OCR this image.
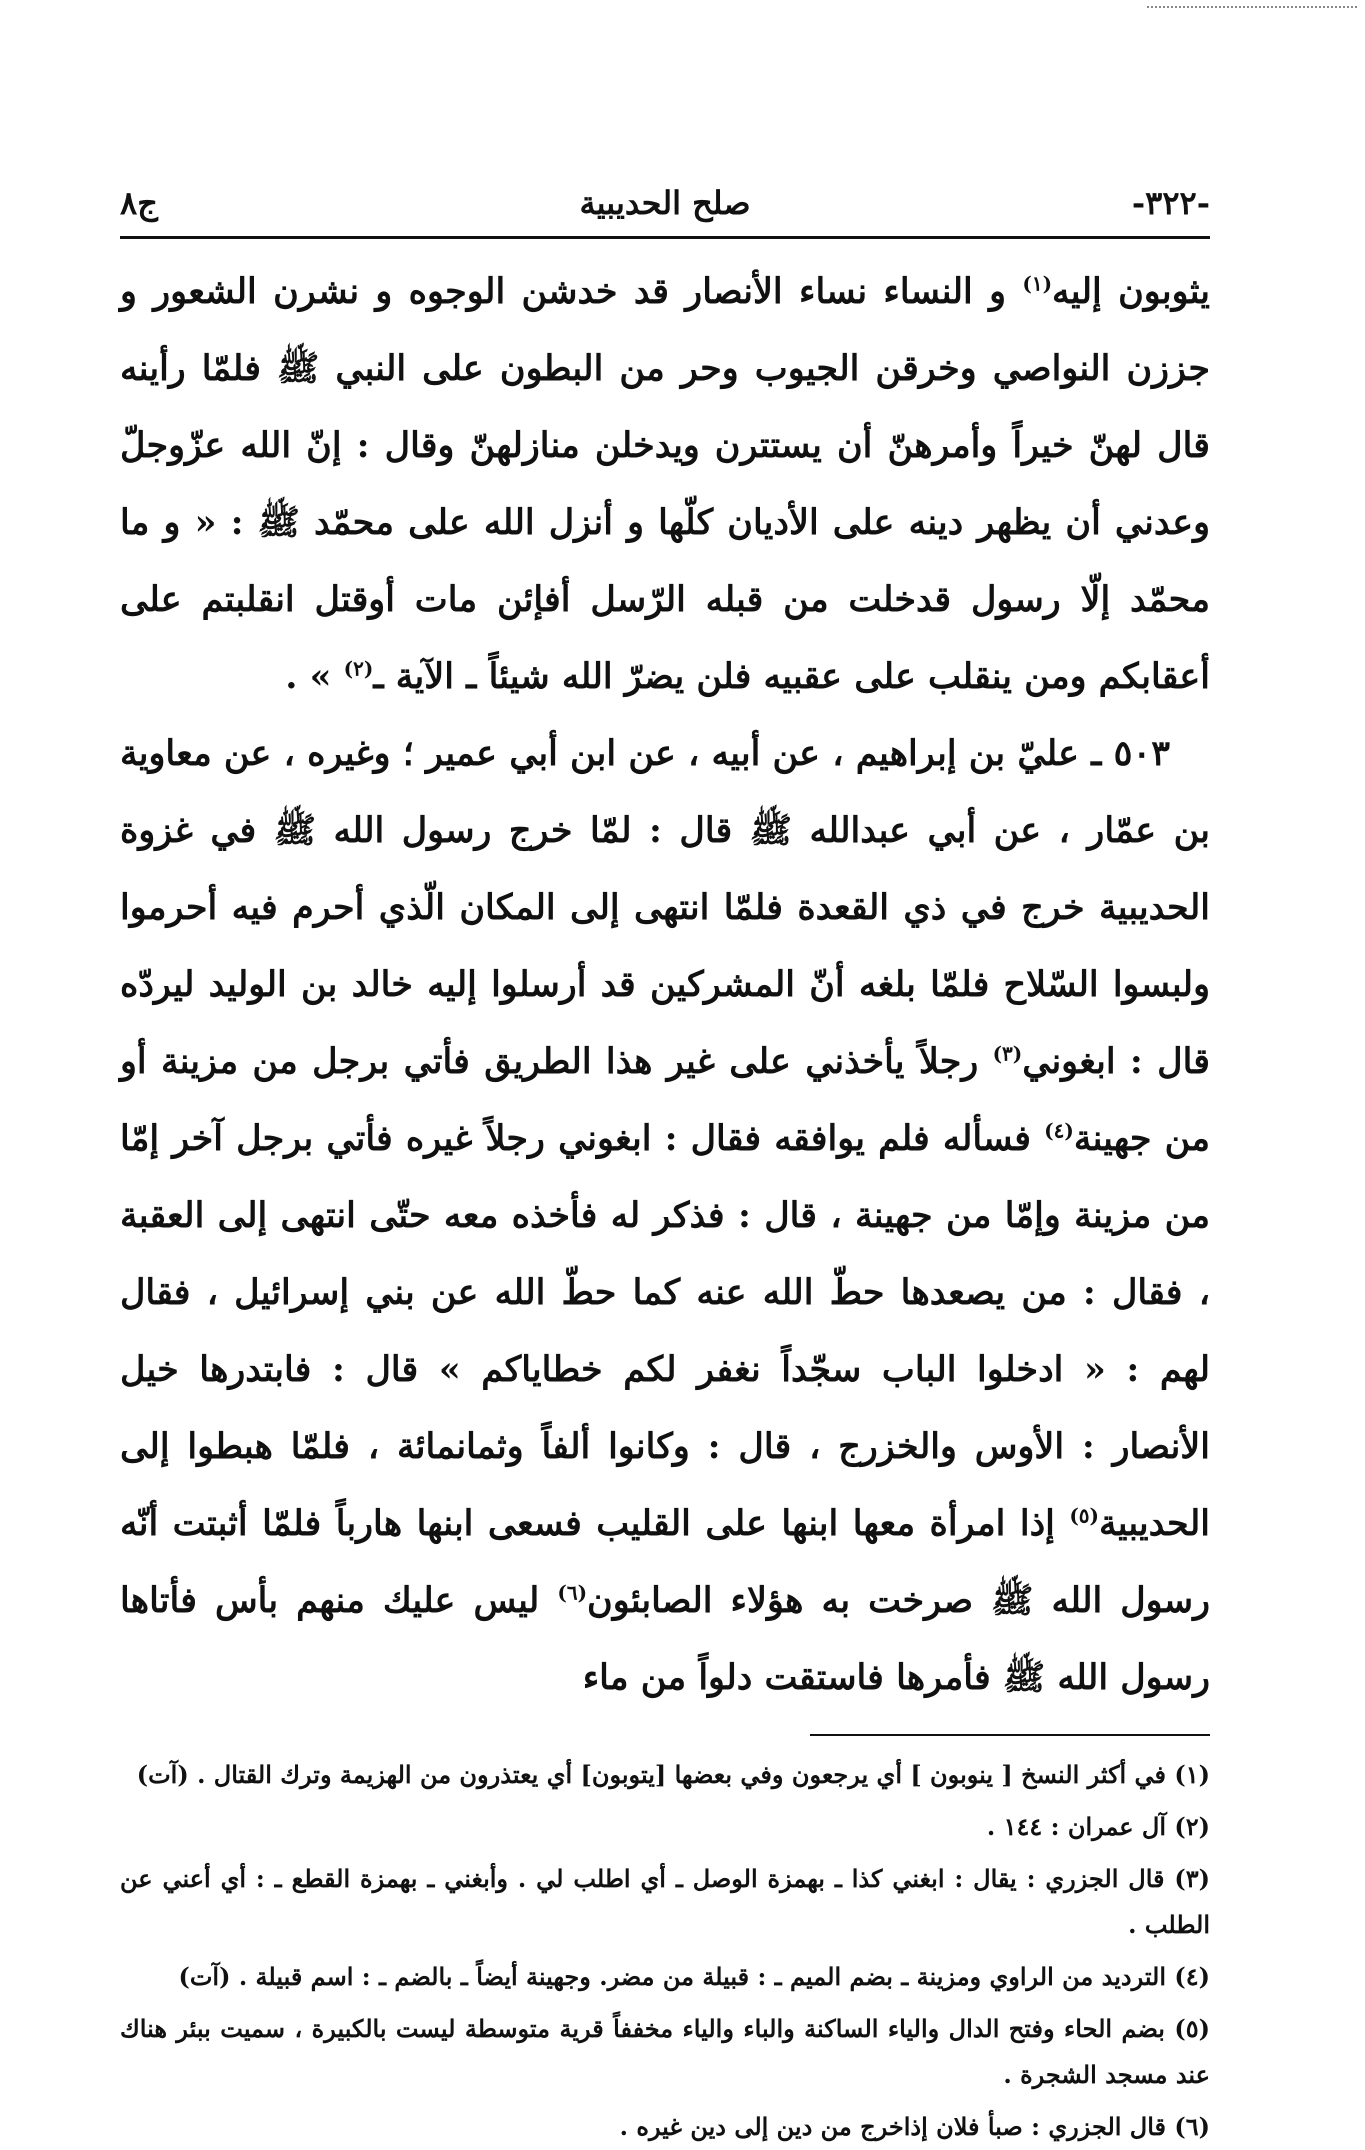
-٣٢٢-
صلح الحديبية
ج٨

يثوبون إليه$^{(١)}$ و النساء نساء الأنصار قد خدشن الوجوه و نشرن الشعور و جززن النواصي وخرقن الجيوب وحر من البطون على النبي ﷺ فلمّا رأينه قال لهنّ خيراً وأمرهنّ أن يستترن ويدخلن منازلهنّ وقال : إنّ الله عزّوجلّ وعدني أن يظهر دينه على الأديان كلّها و أنزل الله على محمّد ﷺ : « و ما محمّد إلّا رسول قدخلت من قبله الرّسل أفإئن مات أوقتل انقلبتم على أعقابكم ومن ينقلب على عقبيه فلن يضرّ الله شيئاً ـ الآية ـ$^{(٢)}$ » .

٥٠٣ ـ عليّ بن إبراهيم ، عن أبيه ، عن ابن أبي عمير ؛ وغيره ، عن معاوية بن عمّار ، عن أبي عبدالله ﷺ قال : لمّا خرج رسول الله ﷺ في غزوة الحديبية خرج في ذي القعدة فلمّا انتهى إلى المكان الّذي أحرم فيه أحرموا ولبسوا السّلاح فلمّا بلغه أنّ المشركين قد أرسلوا إليه خالد بن الوليد ليردّه قال : ابغوني$^{(٣)}$ رجلاً يأخذني على غير هذا الطريق فأتي برجل من مزينة أو من جهينة$^{(٤)}$ فسأله فلم يوافقه فقال : ابغوني رجلاً غيره فأتي برجل آخر إمّا من مزينة وإمّا من جهينة ، قال : فذكر له فأخذه معه حتّى انتهى إلى العقبة ، فقال : من يصعدها حطّ الله عنه كما حطّ الله عن بني إسرائيل ، فقال لهم : « ادخلوا الباب سجّداً نغفر لكم خطاياكم » قال : فابتدرها خيل الأنصار : الأوس والخزرج ، قال : وكانوا ألفاً وثمانمائة ، فلمّا هبطوا إلى الحديبية$^{(٥)}$ إذا امرأة معها ابنها على القليب فسعى ابنها هارباً فلمّا أثبتت أنّه رسول الله ﷺ صرخت به هؤلاء الصابئون$^{(٦)}$ ليس عليك منهم بأس فأتاها رسول الله ﷺ فأمرها فاستقت دلواً من ماء

(١) في أكثر النسخ [ ينوبون ] أي يرجعون وفي بعضها [يتوبون] أي يعتذرون من الهزيمة وترك القتال . (آت)

(٢) آل عمران : ١٤٤ .

(٣) قال الجزري : يقال : ابغني كذا ـ بهمزة الوصل ـ أي اطلب لي . وأبغني ـ بهمزة القطع ـ : أي أعني عن الطلب .

(٤) الترديد من الراوي ومزينة ـ بضم الميم ـ : قبيلة من مضر. وجهينة أيضاً ـ بالضم ـ : اسم قبيلة . (آت)

(٥) بضم الحاء وفتح الدال والياء الساكنة والباء والياء مخففاً قرية متوسطة ليست بالكبيرة ، سميت ببئر هناك عند مسجد الشجرة .

(٦) قال الجزري : صبأ فلان إذاخرج من دين إلى دين غيره .
